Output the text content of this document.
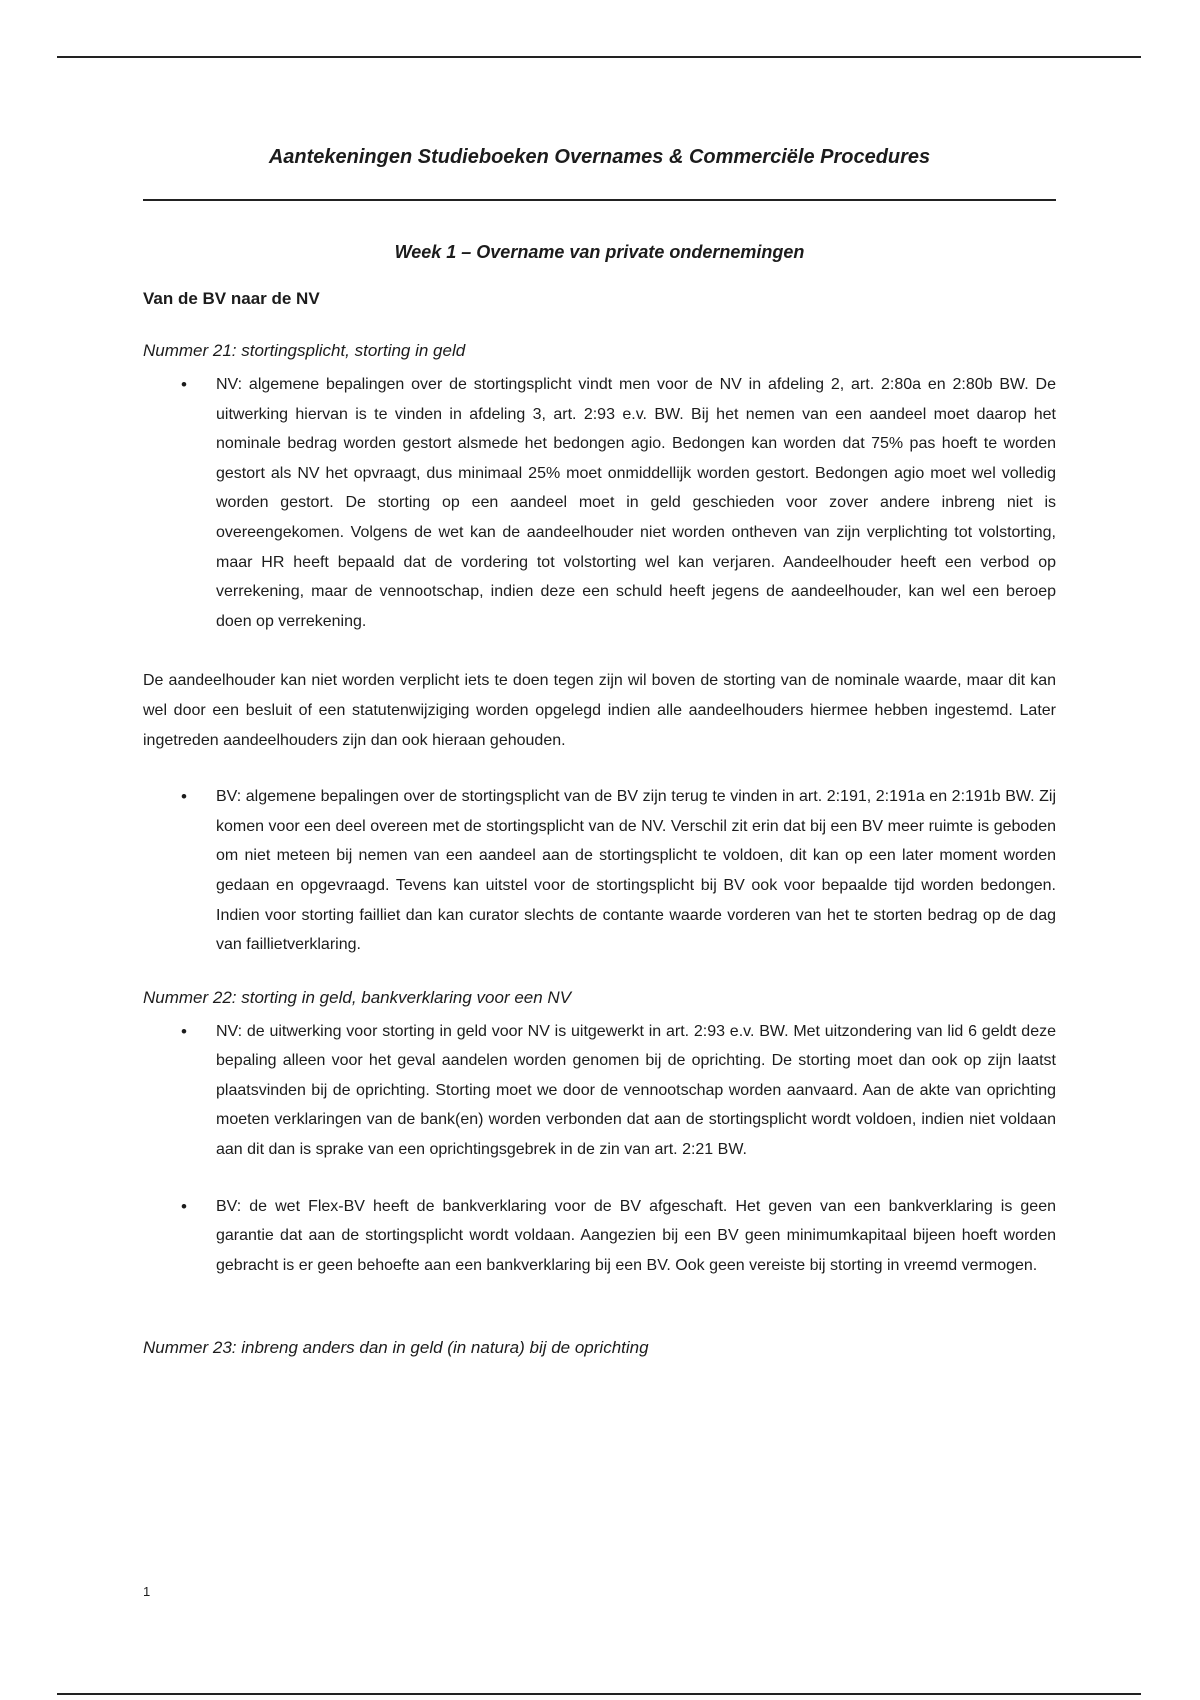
Aantekeningen Studieboeken Overnames & Commerciële Procedures
Week 1 – Overname van private ondernemingen
Van de BV naar de NV

Nummer 21: stortingsplicht, storting in geld

• NV: algemene bepalingen over de stortingsplicht vindt men voor de NV in afdeling 2, art. 2:80a en 2:80b BW. De uitwerking hiervan is te vinden in afdeling 3, art. 2:93 e.v. BW. Bij het nemen van een aandeel moet daarop het nominale bedrag worden gestort alsmede het bedongen agio. Bedongen kan worden dat 75% pas hoeft te worden gestort als NV het opvraagt, dus minimaal 25% moet onmiddellijk worden gestort. Bedongen agio moet wel volledig worden gestort. De storting op een aandeel moet in geld geschieden voor zover andere inbreng niet is overeengekomen. Volgens de wet kan de aandeelhouder niet worden ontheven van zijn verplichting tot volstorting, maar HR heeft bepaald dat de vordering tot volstorting wel kan verjaren. Aandeelhouder heeft een verbod op verrekening, maar de vennootschap, indien deze een schuld heeft jegens de aandeelhouder, kan wel een beroep doen op verrekening.

De aandeelhouder kan niet worden verplicht iets te doen tegen zijn wil boven de storting van de nominale waarde, maar dit kan wel door een besluit of een statutenwijziging worden opgelegd indien alle aandeelhouders hiermee hebben ingestemd. Later ingetreden aandeelhouders zijn dan ook hieraan gehouden.

• BV: algemene bepalingen over de stortingsplicht van de BV zijn terug te vinden in art. 2:191, 2:191a en 2:191b BW. Zij komen voor een deel overeen met de stortingsplicht van de NV. Verschil zit erin dat bij een BV meer ruimte is geboden om niet meteen bij nemen van een aandeel aan de stortingsplicht te voldoen, dit kan op een later moment worden gedaan en opgevraagd. Tevens kan uitstel voor de stortingsplicht bij BV ook voor bepaalde tijd worden bedongen. Indien voor storting failliet dan kan curator slechts de contante waarde vorderen van het te storten bedrag op de dag van faillietverklaring.

Nummer 22: storting in geld, bankverklaring voor een NV

• NV: de uitwerking voor storting in geld voor NV is uitgewerkt in art. 2:93 e.v. BW. Met uitzondering van lid 6 geldt deze bepaling alleen voor het geval aandelen worden genomen bij de oprichting. De storting moet dan ook op zijn laatst plaatsvinden bij de oprichting. Storting moet we door de vennootschap worden aanvaard. Aan de akte van oprichting moeten verklaringen van de bank(en) worden verbonden dat aan de stortingsplicht wordt voldoen, indien niet voldaan aan dit dan is sprake van een oprichtingsgebrek in de zin van art. 2:21 BW.

• BV: de wet Flex-BV heeft de bankverklaring voor de BV afgeschaft. Het geven van een bankverklaring is geen garantie dat aan de stortingsplicht wordt voldaan. Aangezien bij een BV geen minimumkapitaal bijeen hoeft worden gebracht is er geen behoefte aan een bankverklaring bij een BV. Ook geen vereiste bij storting in vreemd vermogen.

Nummer 23: inbreng anders dan in geld (in natura) bij de oprichting

1
